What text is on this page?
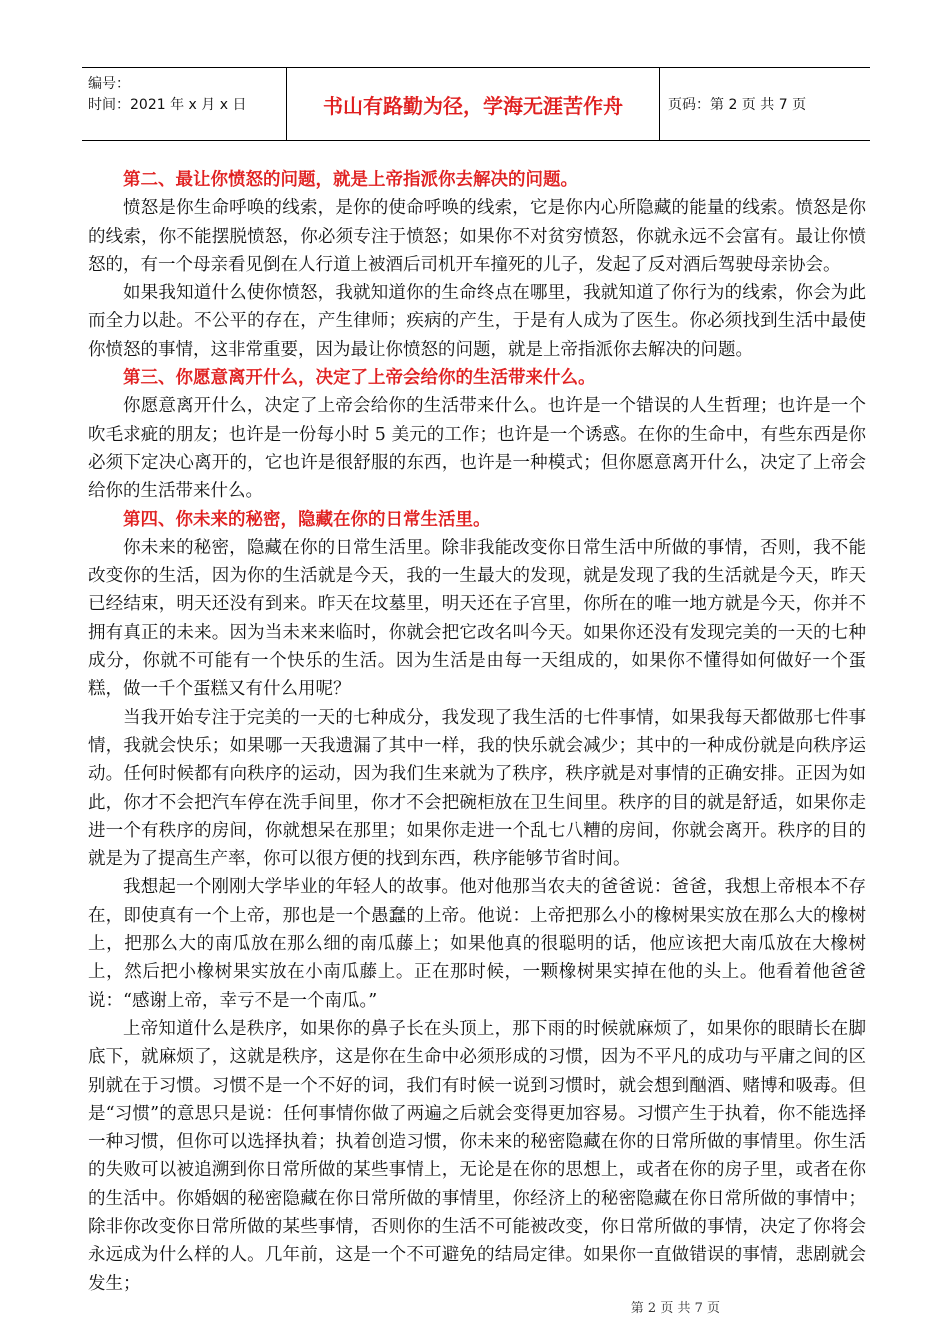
编号：
时间：2021 年 x 月 x 日	书山有路勤为径，学海无涯苦作舟	页码：第 2 页 共 7 页

第二、最让你愤怒的问题，就是上帝指派你去解决的问题。

愤怒是你生命呼唤的线索，是你的使命呼唤的线索，它是你内心所隐藏的能量的线索。愤怒是你的线索，你不能摆脱愤怒，你必须专注于愤怒；如果你不对贫穷愤怒，你就永远不会富有。最让你愤怒的，有一个母亲看见倒在人行道上被酒后司机开车撞死的儿子，发起了反对酒后驾驶母亲协会。

如果我知道什么使你愤怒，我就知道你的生命终点在哪里，我就知道了你行为的线索，你会为此而全力以赴。不公平的存在，产生律师；疾病的产生，于是有人成为了医生。你必须找到生活中最使你愤怒的事情，这非常重要，因为最让你愤怒的问题，就是上帝指派你去解决的问题。

第三、你愿意离开什么，决定了上帝会给你的生活带来什么。

你愿意离开什么，决定了上帝会给你的生活带来什么。也许是一个错误的人生哲理；也许是一个吹毛求疵的朋友；也许是一份每小时 5 美元的工作；也许是一个诱惑。在你的生命中，有些东西是你必须下定决心离开的，它也许是很舒服的东西，也许是一种模式；但你愿意离开什么，决定了上帝会给你的生活带来什么。

第四、你未来的秘密，隐藏在你的日常生活里。

你未来的秘密，隐藏在你的日常生活里。除非我能改变你日常生活中所做的事情，否则，我不能改变你的生活，因为你的生活就是今天，我的一生最大的发现，就是发现了我的生活就是今天，昨天已经结束，明天还没有到来。昨天在坟墓里，明天还在子宫里，你所在的唯一地方就是今天，你并不拥有真正的未来。因为当未来来临时，你就会把它改名叫今天。如果你还没有发现完美的一天的七种成分，你就不可能有一个快乐的生活。因为生活是由每一天组成的，如果你不懂得如何做好一个蛋糕，做一千个蛋糕又有什么用呢？

当我开始专注于完美的一天的七种成分，我发现了我生活的七件事情，如果我每天都做那七件事情，我就会快乐；如果哪一天我遗漏了其中一样，我的快乐就会减少；其中的一种成份就是向秩序运动。任何时候都有向秩序的运动，因为我们生来就为了秩序，秩序就是对事情的正确安排。正因为如此，你才不会把汽车停在洗手间里，你才不会把碗柜放在卫生间里。秩序的目的就是舒适，如果你走进一个有秩序的房间，你就想呆在那里；如果你走进一个乱七八糟的房间，你就会离开。秩序的目的就是为了提高生产率，你可以很方便的找到东西，秩序能够节省时间。

我想起一个刚刚大学毕业的年轻人的故事。他对他那当农夫的爸爸说：爸爸，我想上帝根本不存在，即使真有一个上帝，那也是一个愚蠢的上帝。他说：上帝把那么小的橡树果实放在那么大的橡树上，把那么大的南瓜放在那么细的南瓜藤上；如果他真的很聪明的话，他应该把大南瓜放在大橡树上，然后把小橡树果实放在小南瓜藤上。正在那时候，一颗橡树果实掉在他的头上。他看着他爸爸说：“感谢上帝，幸亏不是一个南瓜。”

上帝知道什么是秩序，如果你的鼻子长在头顶上，那下雨的时候就麻烦了，如果你的眼睛长在脚底下，就麻烦了，这就是秩序，这是你在生命中必须形成的习惯，因为不平凡的成功与平庸之间的区别就在于习惯。习惯不是一个不好的词，我们有时候一说到习惯时，就会想到酗酒、赌博和吸毒。但是“习惯”的意思只是说：任何事情你做了两遍之后就会变得更加容易。习惯产生于执着，你不能选择一种习惯，但你可以选择执着；执着创造习惯，你未来的秘密隐藏在你的日常所做的事情里。你生活的失败可以被追溯到你日常所做的某些事情上，无论是在你的思想上，或者在你的房子里，或者在你的生活中。你婚姻的秘密隐藏在你日常所做的事情里，你经济上的秘密隐藏在你日常所做的事情中；除非你改变你日常所做的某些事情，否则你的生活不可能被改变，你日常所做的事情，决定了你将会永远成为什么样的人。几年前，这是一个不可避免的结局定律。如果你一直做错误的事情，悲剧就会发生；

第 2 页 共 7 页
